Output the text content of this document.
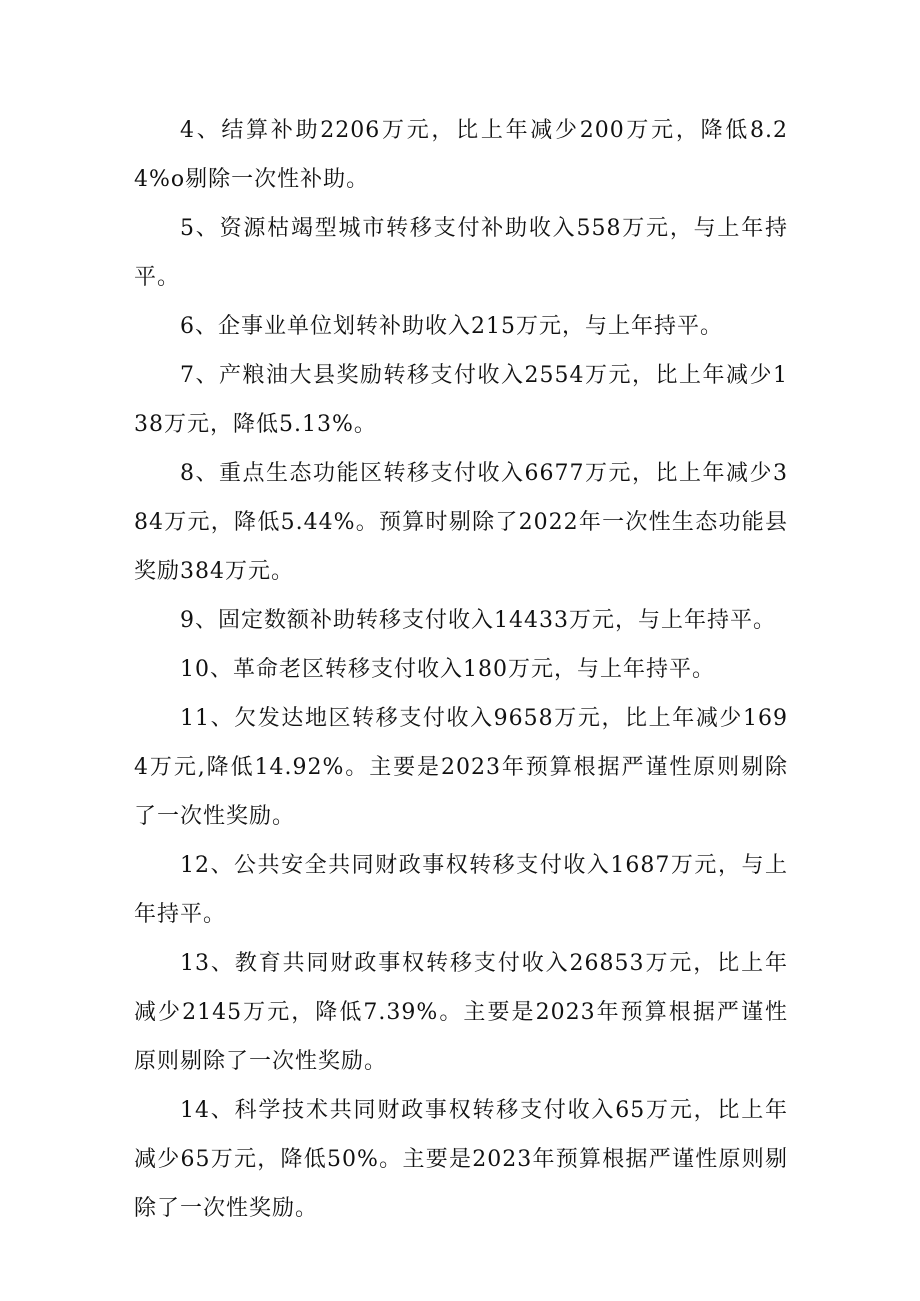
4、结算补助2206万元，比上年减少200万元，降低8.24%o剔除一次性补助。

5、资源枯竭型城市转移支付补助收入558万元，与上年持平。

6、企事业单位划转补助收入215万元，与上年持平。

7、产粮油大县奖励转移支付收入2554万元，比上年减少138万元，降低5.13%。

8、重点生态功能区转移支付收入6677万元，比上年减少384万元，降低5.44%。预算时剔除了2022年一次性生态功能县奖励384万元。

9、固定数额补助转移支付收入14433万元，与上年持平。

10、革命老区转移支付收入180万元，与上年持平。

11、欠发达地区转移支付收入9658万元，比上年减少1694万元,降低14.92%。主要是2023年预算根据严谨性原则剔除了一次性奖励。

12、公共安全共同财政事权转移支付收入1687万元，与上年持平。

13、教育共同财政事权转移支付收入26853万元，比上年减少2145万元，降低7.39%。主要是2023年预算根据严谨性原则剔除了一次性奖励。

14、科学技术共同财政事权转移支付收入65万元，比上年减少65万元，降低50%。主要是2023年预算根据严谨性原则剔除了一次性奖励。
